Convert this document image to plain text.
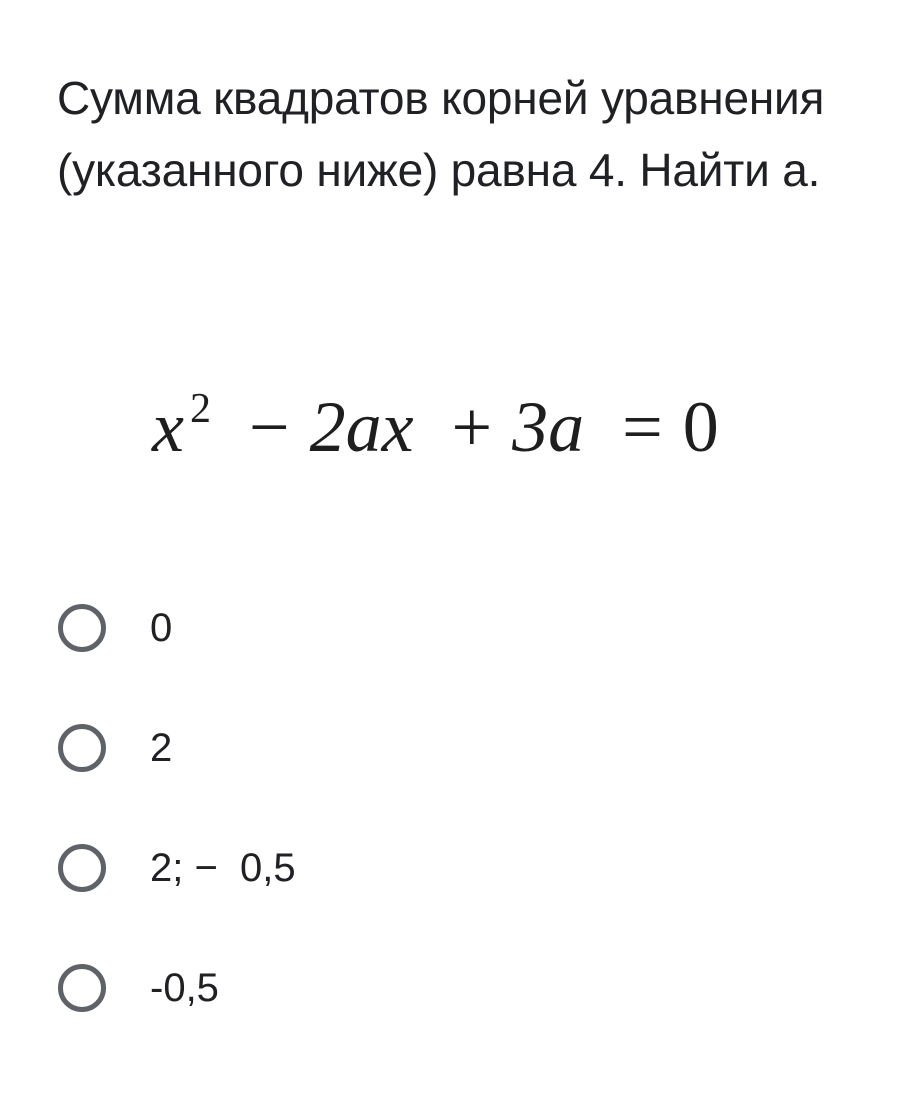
Сумма квадратов корней уравнения
(указанного ниже) равна 4. Найти а.
x $^2$ − 2ax + 3a = 0
0
2
2; −  0,5
-0,5
